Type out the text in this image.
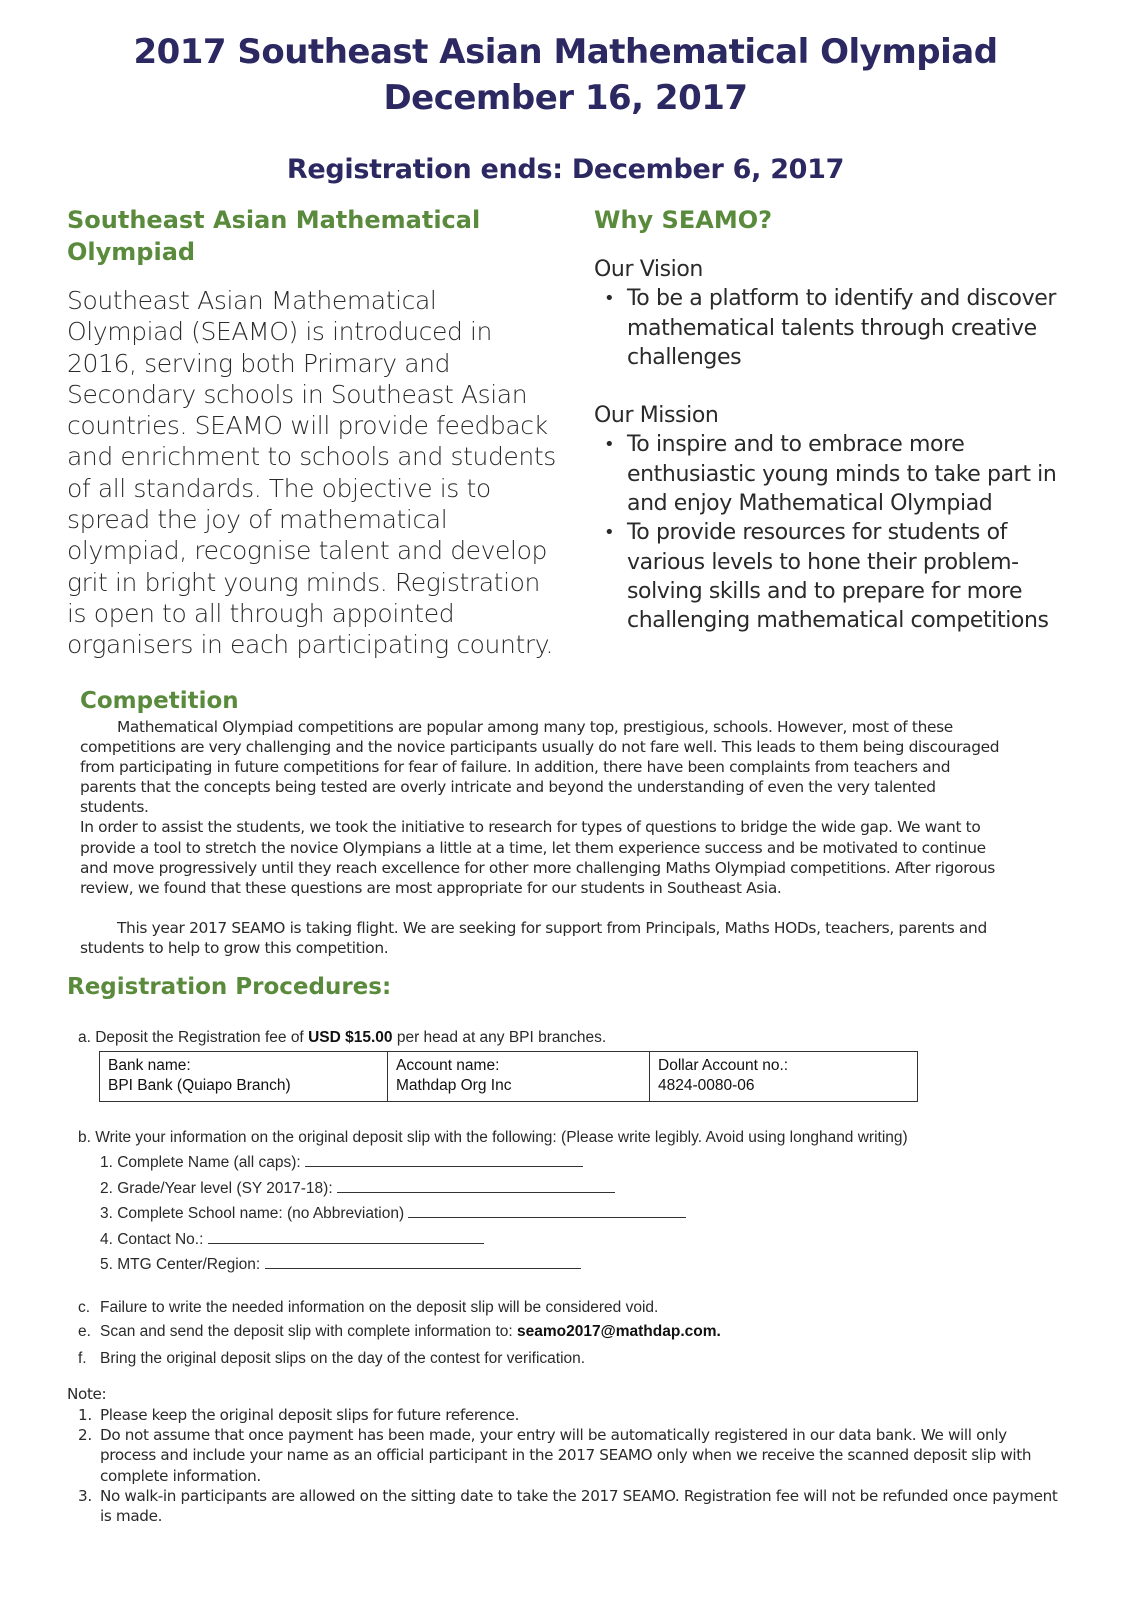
2017 Southeast Asian Mathematical Olympiad
December 16, 2017
Registration ends: December 6, 2017
Southeast Asian Mathematical Olympiad
Southeast Asian Mathematical Olympiad (SEAMO) is introduced in 2016, serving both Primary and Secondary schools in Southeast Asian countries. SEAMO will provide feedback and enrichment to schools and students of all standards. The objective is to spread the joy of mathematical olympiad, recognise talent and develop grit in bright young minds. Registration is open to all through appointed organisers in each participating country.
Why SEAMO?

Our Vision

• To be a platform to identify and discover mathematical talents through creative challenges

Our Mission

• To inspire and to embrace more enthusiastic young minds to take part in and enjoy Mathematical Olympiad
• To provide resources for students of various levels to hone their problem-solving skills and to prepare for more challenging mathematical competitions
Competition

Mathematical Olympiad competitions are popular among many top, prestigious, schools. However, most of these competitions are very challenging and the novice participants usually do not fare well. This leads to them being discouraged from participating in future competitions for fear of failure. In addition, there have been complaints from teachers and parents that the concepts being tested are overly intricate and beyond the understanding of even the very talented students.

In order to assist the students, we took the initiative to research for types of questions to bridge the wide gap. We want to provide a tool to stretch the novice Olympians a little at a time, let them experience success and be motivated to continue and move progressively until they reach excellence for other more challenging Maths Olympiad competitions. After rigorous review, we found that these questions are most appropriate for our students in Southeast Asia.

This year 2017 SEAMO is taking flight. We are seeking for support from Principals, Maths HODs, teachers, parents and students to help to grow this competition.

Registration Procedures:
a. Deposit the Registration fee of USD $15.00 per head at any BPI branches.
Bank name:
BPI Bank (Quiapo Branch)

Account name:
Mathdap Org Inc

Dollar Account no.:
4824-0080-06
b. Write your information on the original deposit slip with the following: (Please write legibly. Avoid using longhand writing)
1. Complete Name (all caps):
2. Grade/Year level (SY 2017-18):
3. Complete School name: (no Abbreviation)
4. Contact No.:
5. MTG Center/Region:
c. Failure to write the needed information on the deposit slip will be considered void.
e. Scan and send the deposit slip with complete information to: seamo2017@mathdap.com.
f. Bring the original deposit slips on the day of the contest for verification.
Note:
1. Please keep the original deposit slips for future reference.
2. Do not assume that once payment has been made, your entry will be automatically registered in our data bank. We will only process and include your name as an official participant in the 2017 SEAMO only when we receive the scanned deposit slip with complete information.
3. No walk-in participants are allowed on the sitting date to take the 2017 SEAMO. Registration fee will not be refunded once payment is made.
